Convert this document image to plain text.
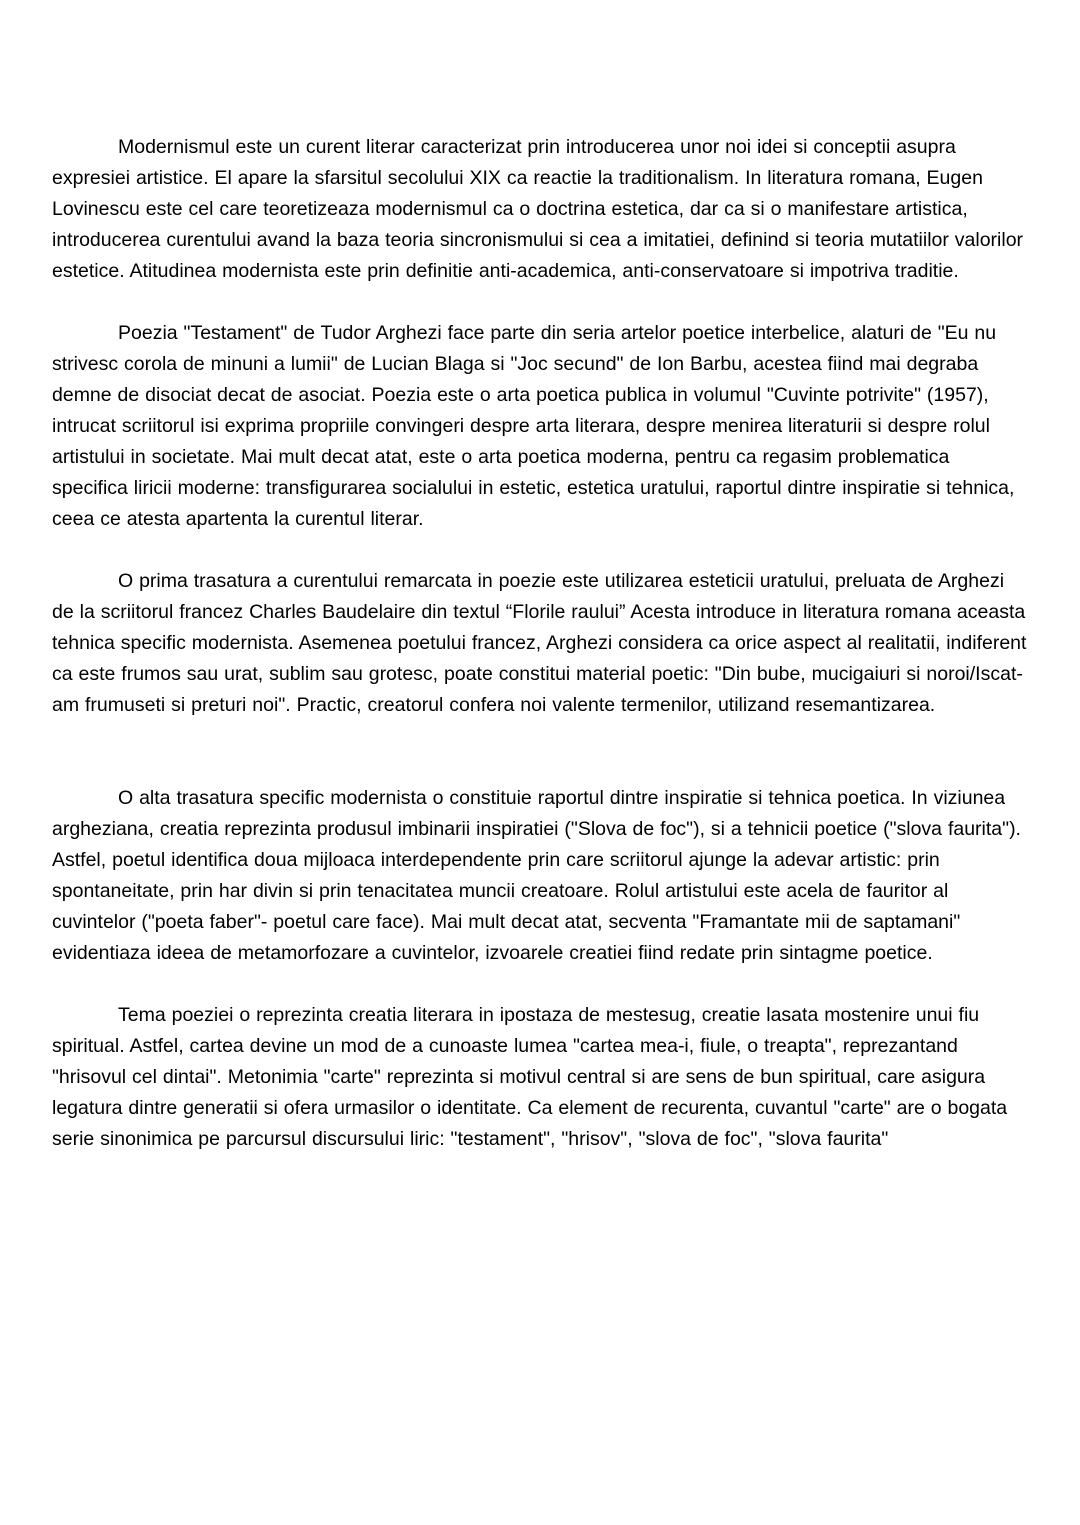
Modernismul este un curent literar caracterizat prin introducerea unor noi idei si conceptii asupra expresiei artistice. El apare la sfarsitul secolului XIX ca reactie la traditionalism. In literatura romana, Eugen Lovinescu este cel care teoretizeaza modernismul ca o doctrina estetica, dar ca si o manifestare artistica, introducerea curentului avand la baza teoria sincronismului si cea a imitatiei, definind si teoria mutatiilor valorilor estetice. Atitudinea modernista este prin definitie anti-academica, anti-conservatoare si impotriva traditie.

Poezia "Testament" de Tudor Arghezi face parte din seria artelor poetice interbelice, alaturi de "Eu nu strivesc corola de minuni a lumii" de Lucian Blaga si "Joc secund" de Ion Barbu, acestea fiind mai degraba demne de disociat decat de asociat. Poezia este o arta poetica publica in volumul "Cuvinte potrivite" (1957), intrucat scriitorul isi exprima propriile convingeri despre arta literara, despre menirea literaturii si despre rolul artistului in societate. Mai mult decat atat, este o arta poetica moderna, pentru ca regasim problematica specifica liricii moderne: transfigurarea socialului in estetic, estetica uratului, raportul dintre inspiratie si tehnica, ceea ce atesta apartenta la curentul literar.

O prima trasatura a curentului remarcata in poezie este utilizarea esteticii uratului, preluata de Arghezi de la scriitorul francez Charles Baudelaire din textul “Florile raului” Acesta introduce in literatura romana aceasta tehnica specific modernista. Asemenea poetului francez, Arghezi considera ca orice aspect al realitatii, indiferent ca este frumos sau urat, sublim sau grotesc, poate constitui material poetic: "Din bube, mucigaiuri si noroi/Iscat-am frumuseti si preturi noi". Practic, creatorul confera noi valente termenilor, utilizand resemantizarea.

O alta trasatura specific modernista o constituie raportul dintre inspiratie si tehnica poetica. In viziunea argheziana, creatia reprezinta produsul imbinarii inspiratiei ("Slova de foc"), si a tehnicii poetice ("slova faurita"). Astfel, poetul identifica doua mijloaca interdependente prin care scriitorul ajunge la adevar artistic: prin spontaneitate, prin har divin si prin tenacitatea muncii creatoare. Rolul artistului este acela de fauritor al cuvintelor ("poeta faber"- poetul care face). Mai mult decat atat, secventa "Framantate mii de saptamani" evidentiaza ideea de metamorfozare a cuvintelor, izvoarele creatiei fiind redate prin sintagme poetice.

Tema poeziei o reprezinta creatia literara in ipostaza de mestesug, creatie lasata mostenire unui fiu spiritual. Astfel, cartea devine un mod de a cunoaste lumea "cartea mea-i, fiule, o treapta", reprezantand "hrisovul cel dintai". Metonimia "carte" reprezinta si motivul central si are sens de bun spiritual, care asigura legatura dintre generatii si ofera urmasilor o identitate. Ca element de recurenta, cuvantul "carte" are o bogata serie sinonimica pe parcursul discursului liric: "testament", "hrisov", "slova de foc", "slova faurita"
